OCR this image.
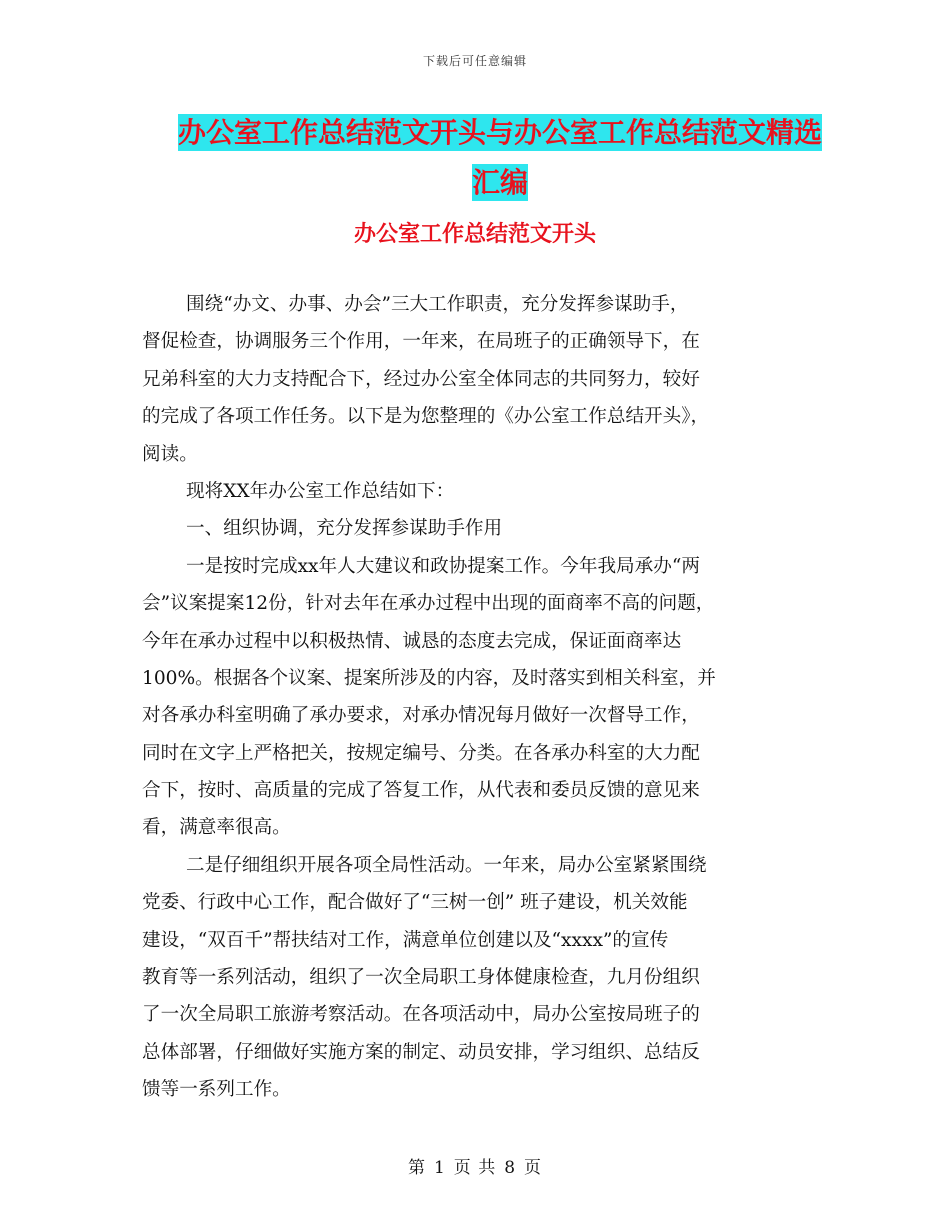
下载后可任意编辑
办公室工作总结范文开头与办公室工作总结范文精选
汇编
办公室工作总结范文开头
围绕“办文、办事、办会”三大工作职责，充分发挥参谋助手，
督促检查，协调服务三个作用，一年来，在局班子的正确领导下，在
兄弟科室的大力支持配合下，经过办公室全体同志的共同努力，较好
的完成了各项工作任务。以下是为您整理的《办公室工作总结开头》，
阅读。
现将XX年办公室工作总结如下：
一、组织协调，充分发挥参谋助手作用
一是按时完成xx年人大建议和政协提案工作。今年我局承办“两
会”议案提案12份，针对去年在承办过程中出现的面商率不高的问题，
今年在承办过程中以积极热情、诚恳的态度去完成，保证面商率达
100%。根据各个议案、提案所涉及的内容，及时落实到相关科室，并
对各承办科室明确了承办要求，对承办情况每月做好一次督导工作，
同时在文字上严格把关，按规定编号、分类。在各承办科室的大力配
合下，按时、高质量的完成了答复工作，从代表和委员反馈的意见来
看，满意率很高。
二是仔细组织开展各项全局性活动。一年来，局办公室紧紧围绕
党委、行政中心工作，配合做好了“三树一创” 班子建设，机关效能
建设，“双百千”帮扶结对工作，满意单位创建以及“xxxx”的宣传
教育等一系列活动，组织了一次全局职工身体健康检查，九月份组织
了一次全局职工旅游考察活动。在各项活动中，局办公室按局班子的
总体部署，仔细做好实施方案的制定、动员安排，学习组织、总结反
馈等一系列工作。
第 1 页 共 8 页
